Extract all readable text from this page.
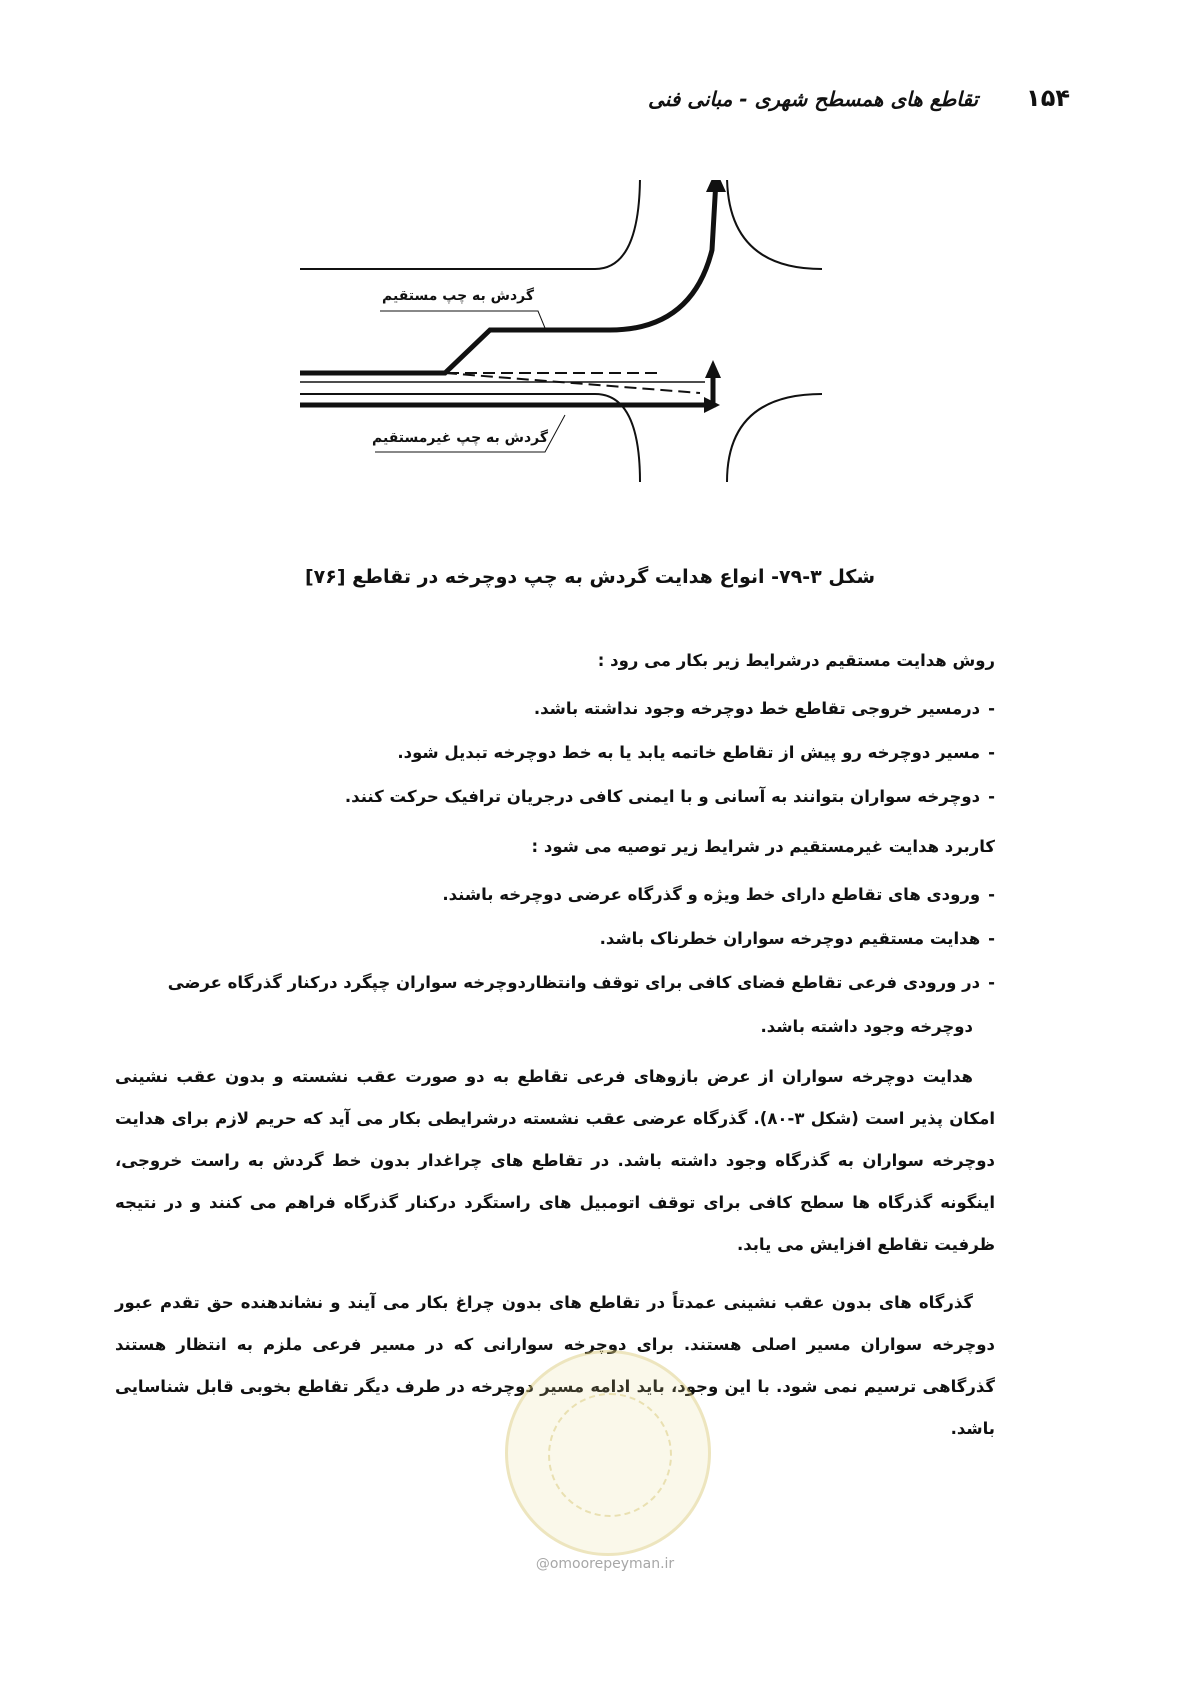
۱۵۴
تقاطع های همسطح شهری - مبانی فنی
گردش به چپ مستقیم
گردش به چپ غیرمستقیم
شکل ۳-۷۹- انواع هدایت گردش به چپ دوچرخه در تقاطع [۷۶]
روش هدایت مستقیم درشرایط زیر بکار می رود :
-درمسیر خروجی تقاطع خط دوچرخه وجود نداشته باشد.
-مسیر دوچرخه رو پیش از تقاطع خاتمه یابد یا به خط دوچرخه تبدیل شود.
-دوچرخه سواران بتوانند به آسانی و با ایمنی کافی درجریان ترافیک حرکت کنند.
کاربرد هدایت غیرمستقیم در شرایط زیر توصیه می شود :
-ورودی های تقاطع دارای خط ویژه و گذرگاه عرضی دوچرخه باشند.
-هدایت مستقیم دوچرخه سواران خطرناک باشد.
-در ورودی فرعی تقاطع فضای کافی برای توقف وانتظاردوچرخه سواران چپگرد درکنار گذرگاه عرضی
دوچرخه وجود داشته باشد.
هدایت دوچرخه سواران از عرض بازوهای فرعی تقاطع به دو صورت عقب نشسته و بدون عقب نشینی امکان پذیر است (شکل ۳-۸۰). گذرگاه عرضی عقب نشسته درشرایطی بکار می آید که حریم لازم برای هدایت دوچرخه سواران به گذرگاه وجود داشته باشد. در تقاطع های چراغدار بدون خط گردش به راست خروجی، اینگونه گذرگاه ها سطح کافی برای توقف اتومبیل های راستگرد درکنار گذرگاه فراهم می کنند و در نتیجه ظرفیت تقاطع افزایش می یابد.
گذرگاه های بدون عقب نشینی عمدتاً در تقاطع های بدون چراغ بکار می آیند و نشاندهنده حق تقدم عبور دوچرخه سواران مسیر اصلی هستند. برای دوچرخه سوارانی که در مسیر فرعی ملزم به انتظار هستند گذرگاهی ترسیم نمی شود. با این وجود، باید ادامه مسیر دوچرخه در طرف دیگر تقاطع بخوبی قابل شناسایی باشد.
@omoorepeyman.ir
